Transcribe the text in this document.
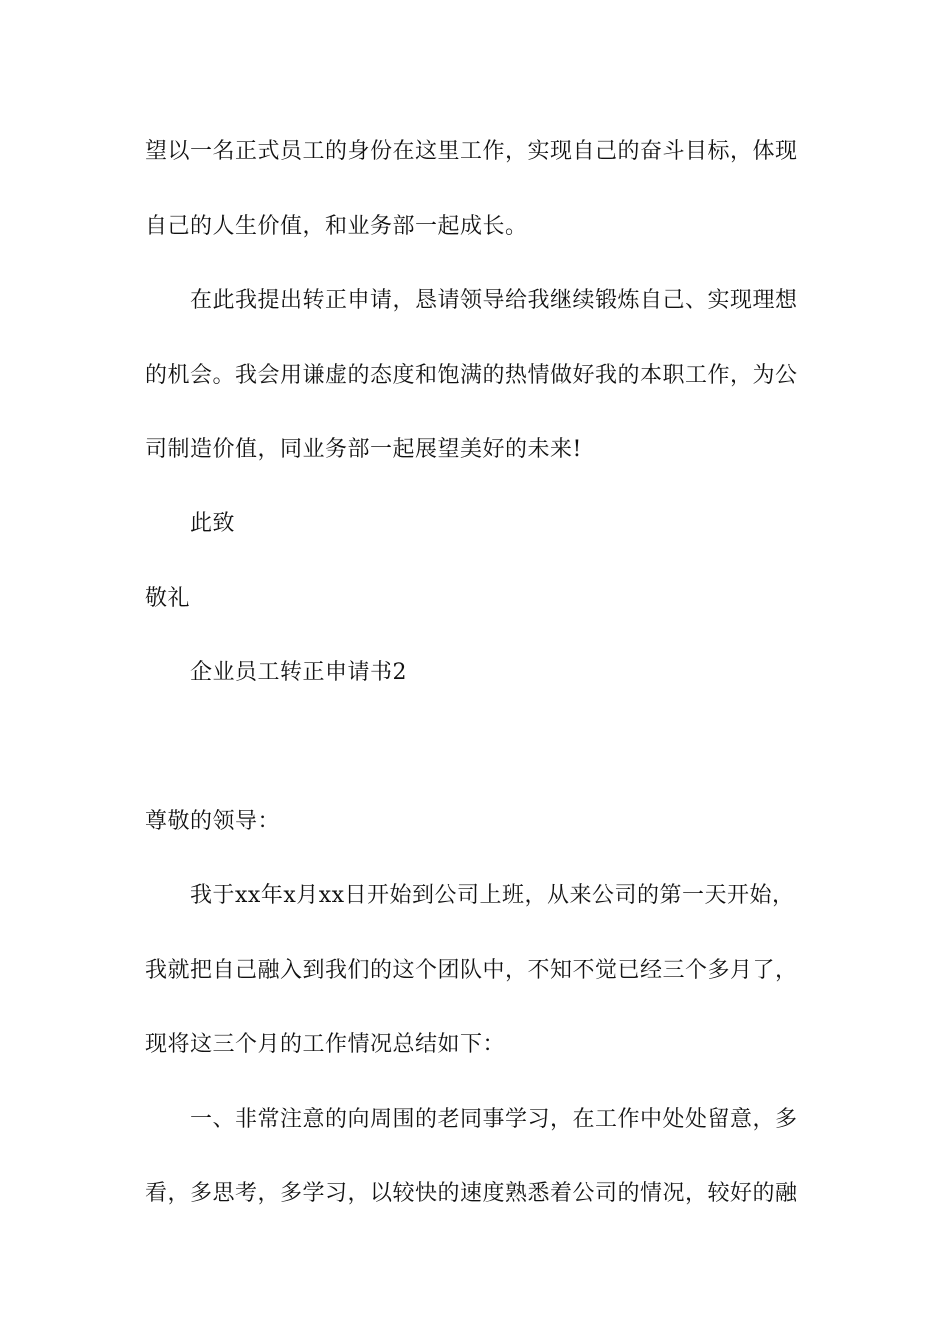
望以一名正式员工的身份在这里工作，实现自己的奋斗目标，体现
自己的人生价值，和业务部一起成长。
在此我提出转正申请，恳请领导给我继续锻炼自己、实现理想
的机会。我会用谦虚的态度和饱满的热情做好我的本职工作，为公
司制造价值，同业务部一起展望美好的未来!
此致
敬礼
企业员工转正申请书2
尊敬的领导：
我于xx年x月xx日开始到公司上班，从来公司的第一天开始，
我就把自己融入到我们的这个团队中，不知不觉已经三个多月了，
现将这三个月的工作情况总结如下：
一、非常注意的向周围的老同事学习，在工作中处处留意，多
看，多思考，多学习，以较快的速度熟悉着公司的情况，较好的融
